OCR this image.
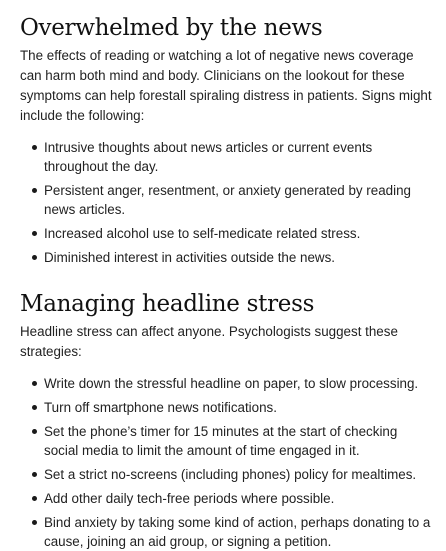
Overwhelmed by the news

The effects of reading or watching a lot of negative news coverage can harm both mind and body. Clinicians on the lookout for these symptoms can help forestall spiraling distress in patients. Signs might include the following:

Intrusive thoughts about news articles or current events throughout the day.
Persistent anger, resentment, or anxiety generated by reading news articles.
Increased alcohol use to self-medicate related stress.
Diminished interest in activities outside the news.
Managing headline stress

Headline stress can affect anyone. Psychologists suggest these strategies:

Write down the stressful headline on paper, to slow processing.
Turn off smartphone news notifications.
Set the phone’s timer for 15 minutes at the start of checking social media to limit the amount of time engaged in it.
Set a strict no-screens (including phones) policy for mealtimes.
Add other daily tech-free periods where possible.
Bind anxiety by taking some kind of action, perhaps donating to a cause, joining an aid group, or signing a petition.
